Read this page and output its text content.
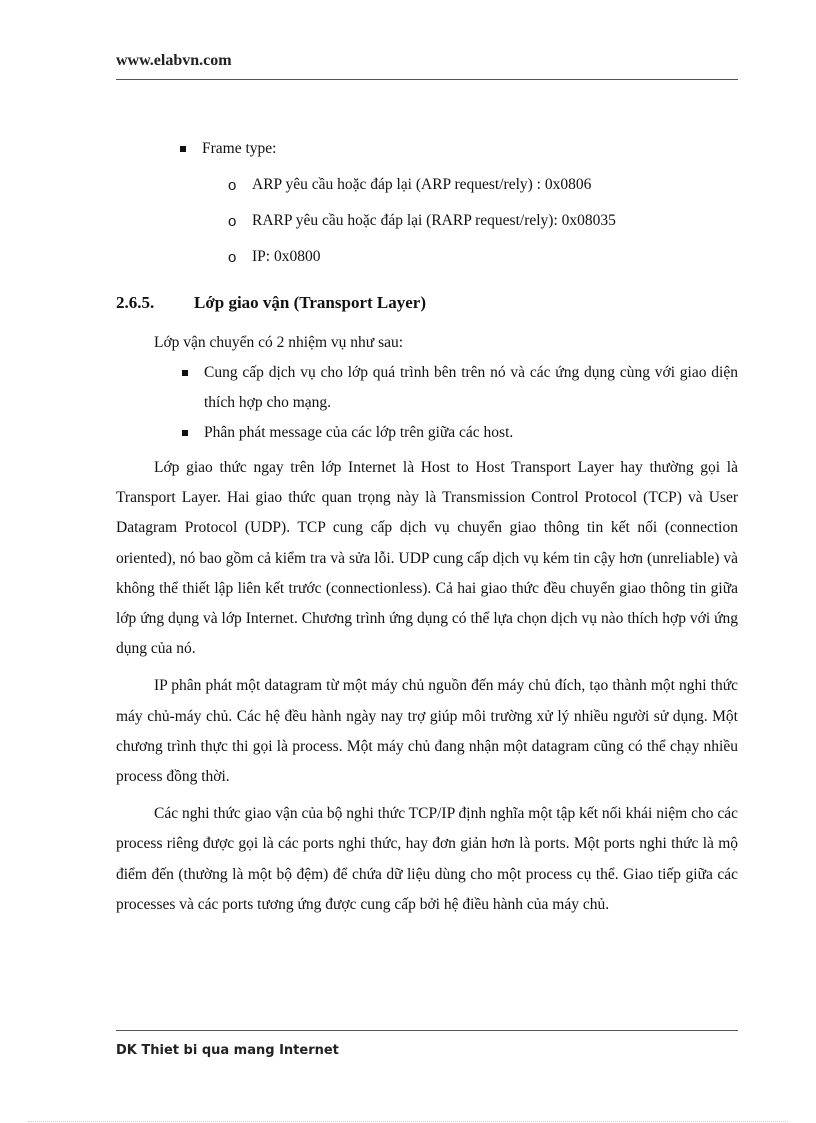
www.elabvn.com
Frame type:
o ARP yêu cầu hoặc đáp lại (ARP request/rely) : 0x0806
o RARP yêu cầu hoặc đáp lại (RARP request/rely): 0x08035
o IP: 0x0800
2.6.5. Lớp giao vận (Transport Layer)
Lớp vận chuyển có 2 nhiệm vụ như sau:
Cung cấp dịch vụ cho lớp quá trình bên trên nó và các ứng dụng cùng với giao diện thích hợp cho mạng.
Phân phát message của các lớp trên giữa các host.

Lớp giao thức ngay trên lớp Internet là Host to Host Transport Layer hay thường gọi là Transport Layer. Hai giao thức quan trọng này là Transmission Control Protocol (TCP) và User Datagram Protocol (UDP). TCP cung cấp dịch vụ chuyển giao thông tin kết nối (connection oriented), nó bao gồm cả kiểm tra và sửa lỗi. UDP cung cấp dịch vụ kém tin cậy hơn (unreliable) và không thể thiết lập liên kết trước (connectionless). Cả hai giao thức đều chuyển giao thông tin giữa lớp ứng dụng và lớp Internet. Chương trình ứng dụng có thể lựa chọn dịch vụ nào thích hợp với ứng dụng của nó.

IP phân phát một datagram từ một máy chủ nguồn đến máy chủ đích, tạo thành một nghi thức máy chủ-máy chủ. Các hệ đều hành ngày nay trợ giúp môi trường xử lý nhiều người sử dụng. Một chương trình thực thi gọi là process. Một máy chủ đang nhận một datagram cũng có thể chạy nhiều process đồng thời.

Các nghi thức giao vận của bộ nghi thức TCP/IP định nghĩa một tập kết nối khái niệm cho các process riêng được gọi là các ports nghi thức, hay đơn giản hơn là ports. Một ports nghi thức là mộ điểm đến (thường là một bộ đệm) để chứa dữ liệu dùng cho một process cụ thể. Giao tiếp giữa các processes và các ports tương ứng được cung cấp bởi hệ điều hành của máy chủ.

DK Thiet bi qua mang Internet
